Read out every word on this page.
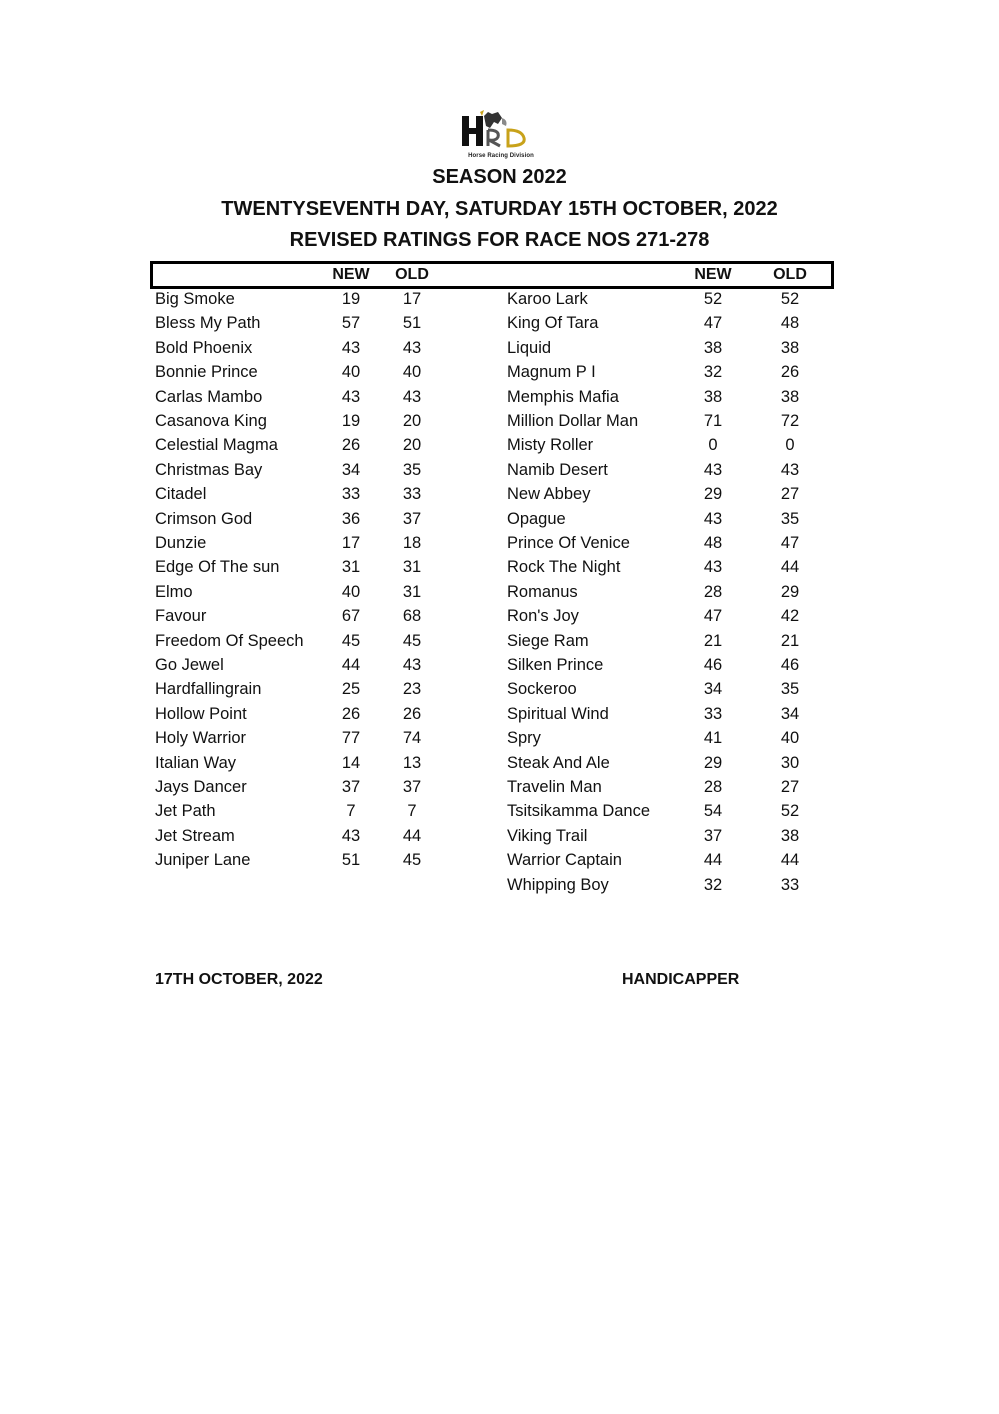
Horse Racing Division
SEASON 2022
TWENTYSEVENTH DAY, SATURDAY 15TH OCTOBER, 2022
REVISED RATINGS FOR RACE NOS 271-278
NEW	OLD	NEW	OLD
Big Smoke	19	17
Bless My Path	57	51
Bold Phoenix	43	43
Bonnie Prince	40	40
Carlas Mambo	43	43
Casanova King	19	20
Celestial Magma	26	20
Christmas Bay	34	35
Citadel	33	33
Crimson God	36	37
Dunzie	17	18
Edge Of The sun	31	31
Elmo	40	31
Favour	67	68
Freedom Of Speech	45	45
Go Jewel	44	43
Hardfallingrain	25	23
Hollow Point	26	26
Holy Warrior	77	74
Italian Way	14	13
Jays Dancer	37	37
Jet Path	7	7
Jet Stream	43	44
Juniper Lane	51	45
Karoo Lark	52	52
King Of Tara	47	48
Liquid	38	38
Magnum P I	32	26
Memphis Mafia	38	38
Million Dollar Man	71	72
Misty Roller	0	0
Namib Desert	43	43
New Abbey	29	27
Opague	43	35
Prince Of Venice	48	47
Rock The Night	43	44
Romanus	28	29
Ron's Joy	47	42
Siege Ram	21	21
Silken Prince	46	46
Sockeroo	34	35
Spiritual Wind	33	34
Spry	41	40
Steak And Ale	29	30
Travelin Man	28	27
Tsitsikamma Dance	54	52
Viking Trail	37	38
Warrior Captain	44	44
Whipping Boy	32	33
17TH OCTOBER, 2022	HANDICAPPER
